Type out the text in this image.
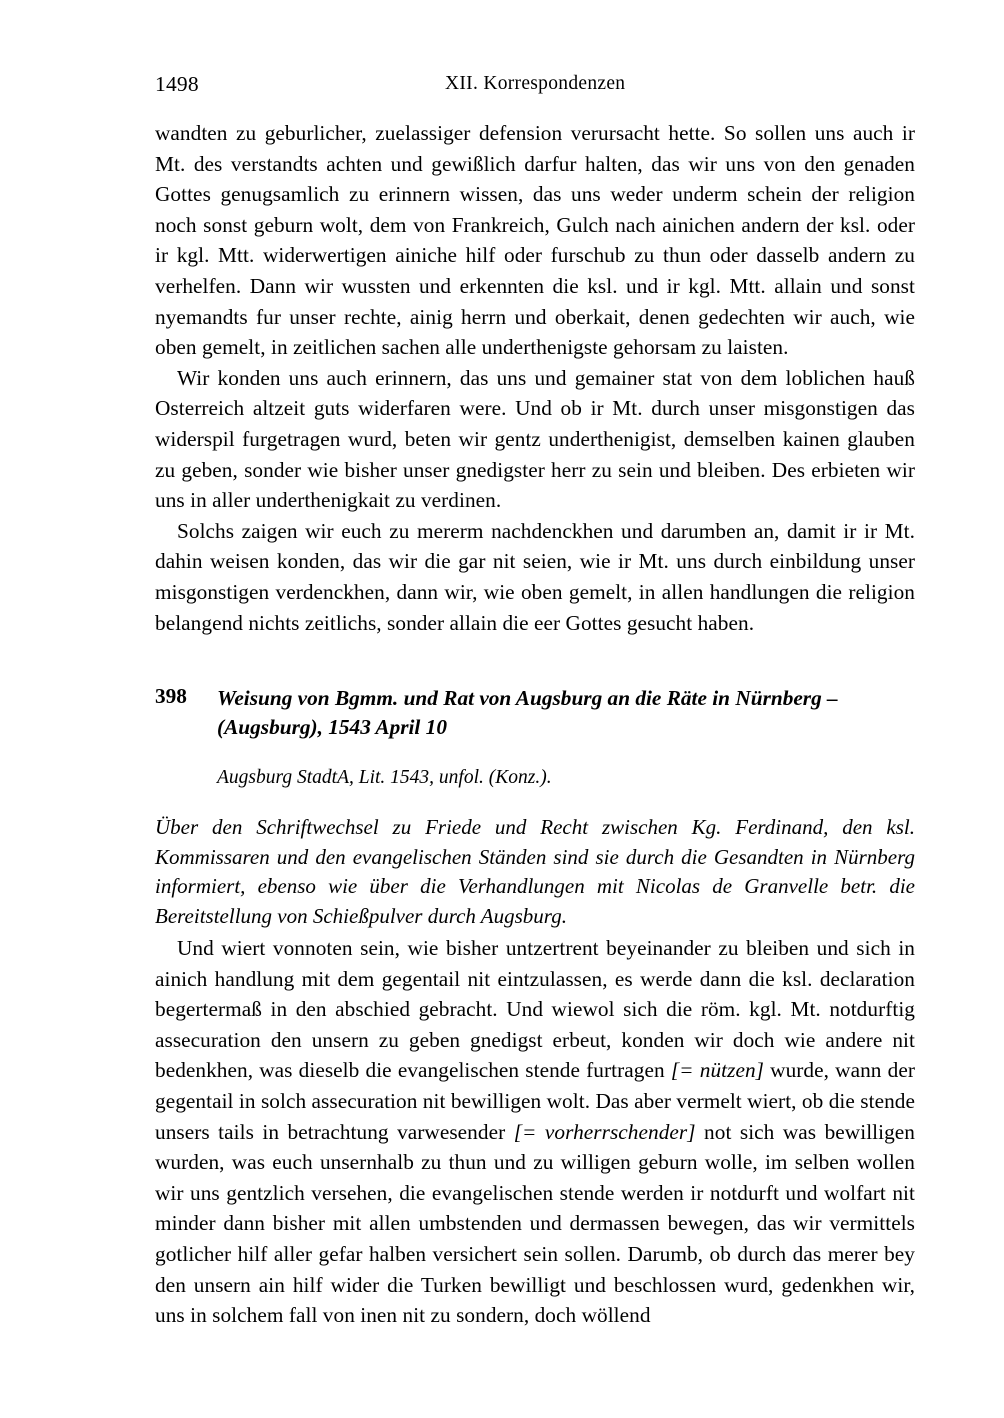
1498	XII. Korrespondenzen

wandten zu geburlicher, zuelassiger defension verursacht hette. So sollen uns auch ir Mt. des verstandts achten und gewißlich darfur halten, das wir uns von den genaden Gottes genugsamlich zu erinnern wissen, das uns weder underm schein der religion noch sonst geburn wolt, dem von Frankreich, Gulch nach ainichen andern der ksl. oder ir kgl. Mtt. widerwertigen ainiche hilf oder furschub zu thun oder dasselb andern zu verhelfen. Dann wir wussten und erkennten die ksl. und ir kgl. Mtt. allain und sonst nyemandts fur unser rechte, ainig herrn und oberkait, denen gedechten wir auch, wie oben gemelt, in zeitlichen sachen alle underthenigste gehorsam zu laisten.

Wir konden uns auch erinnern, das uns und gemainer stat von dem loblichen hauß Osterreich altzeit guts widerfaren were. Und ob ir Mt. durch unser misgonstigen das widerspil furgetragen wurd, beten wir gentz underthenigist, demselben kainen glauben zu geben, sonder wie bisher unser gnedigster herr zu sein und bleiben. Des erbieten wir uns in aller underthenigkait zu verdinen.

Solchs zaigen wir euch zu mererm nachdenckhen und darumben an, damit ir ir Mt. dahin weisen konden, das wir die gar nit seien, wie ir Mt. uns durch einbildung unser misgonstigen verdenckhen, dann wir, wie oben gemelt, in allen handlungen die religion belangend nichts zeitlichs, sonder allain die eer Gottes gesucht haben.

398 Weisung von Bgmm. und Rat von Augsburg an die Räte in Nürnberg – (Augsburg), 1543 April 10

Augsburg StadtA, Lit. 1543, unfol. (Konz.).
Über den Schriftwechsel zu Friede und Recht zwischen Kg. Ferdinand, den ksl. Kommissaren und den evangelischen Ständen sind sie durch die Gesandten in Nürnberg informiert, ebenso wie über die Verhandlungen mit Nicolas de Granvelle betr. die Bereitstellung von Schießpulver durch Augsburg.

Und wiert vonnoten sein, wie bisher untzertrent beyeinander zu bleiben und sich in ainich handlung mit dem gegentail nit eintzulassen, es werde dann die ksl. declaration begertermaß in den abschied gebracht. Und wiewol sich die röm. kgl. Mt. notdurftig assecuration den unsern zu geben gnedigst erbeut, konden wir doch wie andere nit bedenkhen, was dieselb die evangelischen stende furtragen [= nützen] wurde, wann der gegentail in solch assecuration nit bewilligen wolt. Das aber vermelt wiert, ob die stende unsers tails in betrachtung varwesender [= vorherrschender] not sich was bewilligen wurden, was euch unsernhalb zu thun und zu willigen geburn wolle, im selben wollen wir uns gentzlich versehen, die evangelischen stende werden ir notdurft und wolfart nit minder dann bisher mit allen umbstenden und dermassen bewegen, das wir vermittels gotlicher hilf aller gefar halben versichert sein sollen. Darumb, ob durch das merer bey den unsern ain hilf wider die Turken bewilligt und beschlossen wurd, gedenkhen wir, uns in solchem fall von inen nit zu sondern, doch wöllend
